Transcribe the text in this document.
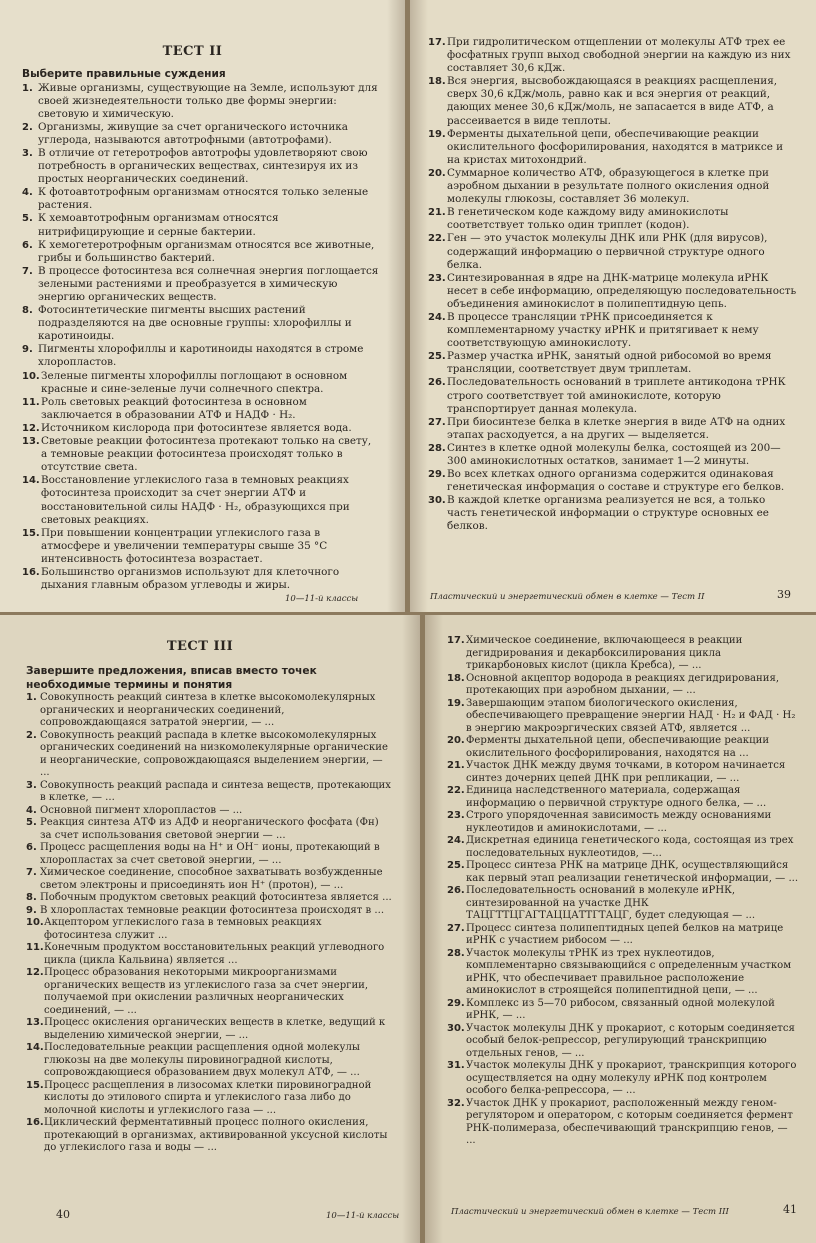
ТЕСТ II

Выберите правильные суждения

1. Живые организмы, существующие на Земле, используют для своей жизнедеятельности только две формы энергии: световую и химическую.
2. Организмы, живущие за счет органического источника углерода, называются автотрофными (автотрофами).
3. В отличие от гетеротрофов автотрофы удовлетворяют свою потребность в органических веществах, синтезируя их из простых неорганических соединений.
4. К фотоавтотрофным организмам относятся только зеленые растения.
5. К хемоавтотрофным организмам относятся нитрифицирующие и серные бактерии.
6. К хемогетеротрофным организмам относятся все животные, грибы и большинство бактерий.
7. В процессе фотосинтеза вся солнечная энергия поглощается зелеными растениями и преобразуется в химическую энергию органических веществ.
8. Фотосинтетические пигменты высших растений подразделяются на две основные группы: хлорофиллы и каротиноиды.
9. Пигменты хлорофиллы и каротиноиды находятся в строме хлоропластов.
10. Зеленые пигменты хлорофиллы поглощают в основном красные и сине-зеленые лучи солнечного спектра.
11. Роль световых реакций фотосинтеза в основном заключается в образовании АТФ и НАДФ · Н₂.
12. Источником кислорода при фотосинтезе является вода.
13. Световые реакции фотосинтеза протекают только на свету, а темновые реакции фотосинтеза происходят только в отсутствие света.
14. Восстановление углекислого газа в темновых реакциях фотосинтеза происходит за счет энергии АТФ и восстановительной силы НАДФ · Н₂, образующихся при световых реакциях.
15. При повышении концентрации углекислого газа в атмосфере и увеличении температуры свыше 35 °С интенсивность фотосинтеза возрастает.
16. Большинство организмов используют для клеточного дыхания главным образом углеводы и жиры.
10—11-й классы
17. При гидролитическом отщеплении от молекулы АТФ трех ее фосфатных групп выход свободной энергии на каждую из них составляет 30,6 кДж.
18. Вся энергия, высвобождающаяся в реакциях расщепления, сверх 30,6 кДж/моль, равно как и вся энергия от реакций, дающих менее 30,6 кДж/моль, не запасается в виде АТФ, а рассеивается в виде теплоты.
19. Ферменты дыхательной цепи, обеспечивающие реакции окислительного фосфорилирования, находятся в матриксе и на кристах митохондрий.
20. Суммарное количество АТФ, образующегося в клетке при аэробном дыхании в результате полного окисления одной молекулы глюкозы, составляет 36 молекул.
21. В генетическом коде каждому виду аминокислоты соответствует только один триплет (кодон).
22. Ген — это участок молекулы ДНК или РНК (для вирусов), содержащий информацию о первичной структуре одного белка.
23. Синтезированная в ядре на ДНК-матрице молекула иРНК несет в себе информацию, определяющую последовательность объединения аминокислот в полипептидную цепь.
24. В процессе трансляции тРНК присоединяется к комплементарному участку иРНК и притягивает к нему соответствующую аминокислоту.
25. Размер участка иРНК, занятый одной рибосомой во время трансляции, соответствует двум триплетам.
26. Последовательность оснований в триплете антикодона тРНК строго соответствует той аминокислоте, которую транспортирует данная молекула.
27. При биосинтезе белка в клетке энергия в виде АТФ на одних этапах расходуется, а на других — выделяется.
28. Синтез в клетке одной молекулы белка, состоящей из 200—300 аминокислотных остатков, занимает 1—2 минуты.
29. Во всех клетках одного организма содержится одинаковая генетическая информация о составе и структуре его белков.
30. В каждой клетке организма реализуется не вся, а только часть генетической информации о структуре основных ее белков.
Пластический и энергетический обмен в клетке — Тест II	39
ТЕСТ III

Завершите предложения, вписав вместо точек необходимые термины и понятия

1. Совокупность реакций синтеза в клетке высокомолекулярных органических и неорганических соединений, сопровождающаяся затратой энергии, — ...
2. Совокупность реакций распада в клетке высокомолекулярных органических соединений на низкомолекулярные органические и неорганические, сопровождающаяся выделением энергии, — ...
3. Совокупность реакций распада и синтеза веществ, протекающих в клетке, — ...
4. Основной пигмент хлоропластов — ...
5. Реакция синтеза АТФ из АДФ и неорганического фосфата (Фн) за счет использования световой энергии — ...
6. Процесс расщепления воды на Н⁺ и ОН⁻ ионы, протекающий в хлоропластах за счет световой энергии, — ...
7. Химическое соединение, способное захватывать возбужденные светом электроны и присоединять ион Н⁺ (протон), — ...
8. Побочным продуктом световых реакций фотосинтеза является ...
9. В хлоропластах темновые реакции фотосинтеза происходят в ...
10. Акцептором углекислого газа в темновых реакциях фотосинтеза служит ...
11. Конечным продуктом восстановительных реакций углеводного цикла (цикла Кальвина) является ...
12. Процесс образования некоторыми микроорганизмами органических веществ из углекислого газа за счет энергии, получаемой при окислении различных неорганических соединений, — ...
13. Процесс окисления органических веществ в клетке, ведущий к выделению химической энергии, — ...
14. Последовательные реакции расщепления одной молекулы глюкозы на две молекулы пировиноградной кислоты, сопровождающиеся образованием двух молекул АТФ, — ...
15. Процесс расщепления в лизосомах клетки пировиноградной кислоты до этилового спирта и углекислого газа либо до молочной кислоты и углекислого газа — ...
16. Циклический ферментативный процесс полного окисления, протекающий в организмах, активированной уксусной кислоты до углекислого газа и воды — ...
40	10—11-й классы
17. Химическое соединение, включающееся в реакции дегидрирования и декарбоксилирования цикла трикарбоновых кислот (цикла Кребса), — ...
18. Основной акцептор водорода в реакциях дегидрирования, протекающих при аэробном дыхании, — ...
19. Завершающим этапом биологического окисления, обеспечивающего превращение энергии НАД · Н₂ и ФАД · Н₂ в энергию макроэргических связей АТФ, является ...
20. Ферменты дыхательной цепи, обеспечивающие реакции окислительного фосфорилирования, находятся на ...
21. Участок ДНК между двумя точками, в котором начинается синтез дочерних цепей ДНК при репликации, — ...
22. Единица наследственного материала, содержащая информацию о первичной структуре одного белка, — ...
23. Строго упорядоченная зависимость между основаниями нуклеотидов и аминокислотами, — ...
24. Дискретная единица генетического кода, состоящая из трех последовательных нуклеотидов, —...
25. Процесс синтеза РНК на матрице ДНК, осуществляющийся как первый этап реализации генетической информации, — ...
26. Последовательность оснований в молекуле иРНК, синтезированной на участке ДНК ТАЦГТТЦГАГТАЦЦАТТГТАЦГ, будет следующая — ...
27. Процесс синтеза полипептидных цепей белков на матрице иРНК с участием рибосом — ...
28. Участок молекулы тРНК из трех нуклеотидов, комплементарно связывающийся с определенным участком иРНК, что обеспечивает правильное расположение аминокислот в строящейся полипептидной цепи, — ...
29. Комплекс из 5—70 рибосом, связанный одной молекулой иРНК, — ...
30. Участок молекулы ДНК у прокариот, с которым соединяется особый белок-репрессор, регулирующий транскрипцию отдельных генов, — ...
31. Участок молекулы ДНК у прокариот, транскрипция которого осуществляется на одну молекулу иРНК под контролем особого белка-репрессора, — ...
32. Участок ДНК у прокариот, расположенный между геном-регулятором и оператором, с которым соединяется фермент РНК-полимераза, обеспечивающий транскрипцию генов, — ...
Пластический и энергетический обмен в клетке — Тест III	41
